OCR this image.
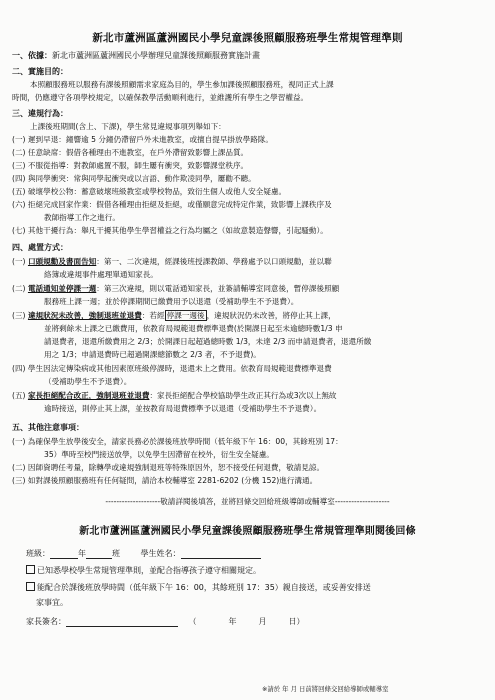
新北市蘆洲區蘆洲國民小學兒童課後照顧服務班學生常規管理準則
一、依據：新北市蘆洲區蘆洲國民小學辦理兒童課後照顧服務實施計畫
二、實施目的：
本照顧服務班以服務有課後照顧需求家庭為目的，學生參加課後照顧服務班，視同正式上課
時間，仍應遵守各項學校規定，以確保教學活動順利進行，並維護所有學生之學習權益。
三、違規行為：
上課後班期間(含上、下課)，學生常見違規事項列舉如下：
(一) 遲到早退：鐘響逾 5 分鐘仍滯留戶外未進教室，或擅自提早掛放學路隊。
(二) 任意缺席：假借各種理由不進教室，在戶外滯留致影響上課品質。
(三) 不服從指導：對教師處置不服，師生屢有衝突，致影響課堂秩序。
(四) 與同學衝突：常與同學起衝突或以言語、動作欺凌同學，屢勸不聽。
(五) 破壞學校公物：蓄意破壞班級教室或學校物品，致衍生個人或他人安全疑慮。
(六) 拒絕完成回家作業：假借各種理由拒絕及拒絕，或僅願意完成特定作業，致影響上課秩序及
教師指導工作之進行。
(七) 其他干擾行為：舉凡干擾其他學生學習權益之行為均屬之（如故意製造聲響，引起騷動）。
四、處置方式：
(一) 口頭規勸及書面告知：第一、二次違規，經課後班授課教師、學務處予以口頭規勸，並以聯
絡簿或違規事件處理單通知家長。
(二) 電話通知並停課一週：第三次違規，則以電話通知家長，並簽請輔導室同意後，暫停課後照顧
服務班上課一週；並於停課期間已繳費用予以退還（受補助學生不予退費）。
(三) 違規狀況未改善，強制退班並退費：若經 停課一週後 ，違規狀況仍未改善，將停止其上課，
並將剩餘未上課之已繳費用，依教育局規範退費標準退費(於開課日起至未逾總時數1/3 申
請退費者，退還所繳費用之 2/3；於開課日起超過總時數 1/3，未達 2/3 而申請退費者，退還所繳
用之 1/3；申請退費時已超過開課總節數之 2/3 者，不予退費)。
(四) 學生因法定傳染病或其他因素原班級停課時，退還未上之費用。依教育局規範退費標準退費
（受補助學生不予退費）。
(五) 家長拒絕配合改正，強制退班並退費：家長拒絕配合學校協助學生改正其行為或3次以上無故
逾時接送，則停止其上課，並按教育局退費標準予以退還（受補助學生不予退費）。
五、其他注意事項：
(一) 為確保學生放學後安全，請家長務必於課後班放學時間（低年級下午 16：00，其餘班別 17：
35）準時至校門接送放學，以免學生因滯留在校外，衍生安全疑慮。
(二) 因師資聘任考量，除轉學或違規強制退班等特殊原因外，恕不接受任何退費，敬請見諒。
(三) 如對課後照顧服務班有任何疑問，請洽本校輔導室 2281-6202 (分機 152)進行溝通。
--------------------敬請詳閱後填答，並將回條交回給班級導師或輔導室--------------------
新北市蘆洲區蘆洲國民小學兒童課後照顧服務班學生常規管理準則閱後回條
班級：	年	班	學生姓名：
已知悉學校學生常規管理準則，並配合指導孩子遵守相關規定。
能配合於課後班放學時間（低年級下午 16：00，其餘班別 17：35）親自接送，或妥善安排送
家事宜。
家長簽名：	（	年	月	日）
※請於 年 月 日前將回條交回給導師或輔導室
